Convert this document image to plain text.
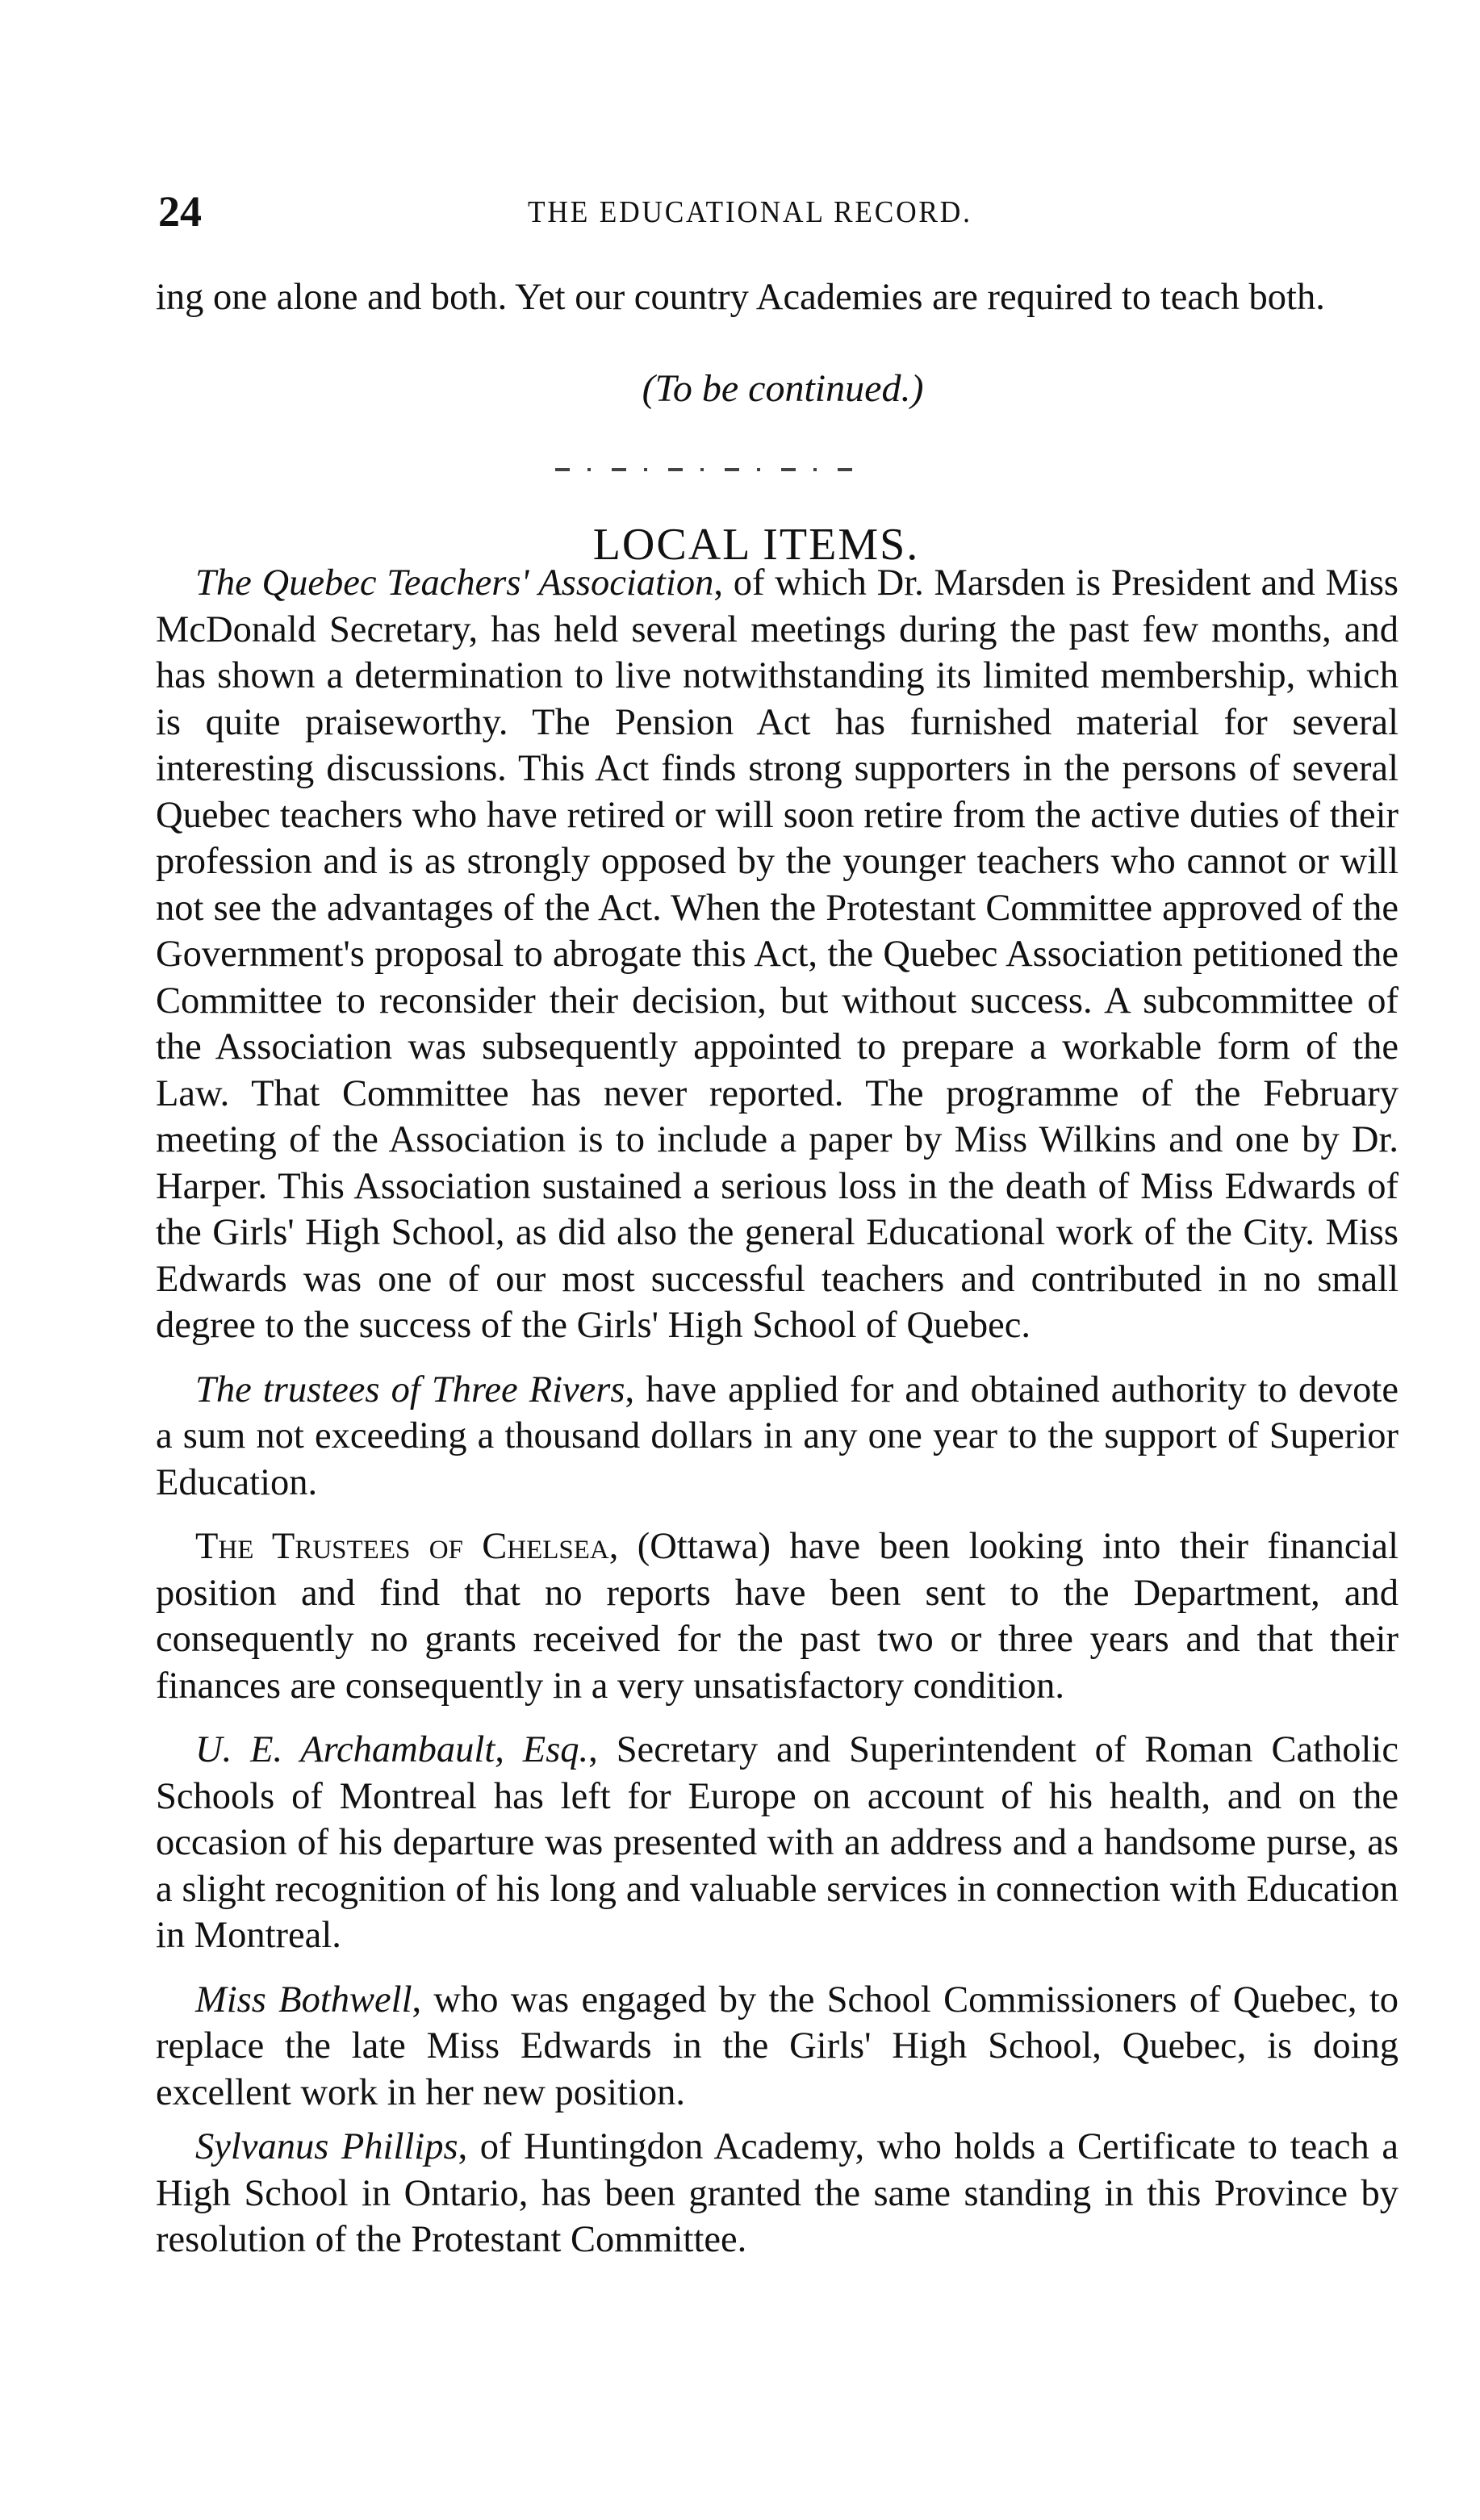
24	THE EDUCATIONAL RECORD.

ing one alone and both. Yet our country Academies are required to teach both.

(To be continued.)
LOCAL ITEMS.

The Quebec Teachers' Association, of which Dr. Marsden is President and Miss McDonald Secretary, has held several meetings during the past few months, and has shown a determination to live notwithstanding its limited membership, which is quite praiseworthy. The Pension Act has furnished material for several interesting discussions. This Act finds strong supporters in the persons of several Quebec teachers who have retired or will soon retire from the active duties of their profession and is as strongly opposed by the younger teachers who cannot or will not see the advantages of the Act. When the Protestant Committee approved of the Government's proposal to abrogate this Act, the Quebec Association petitioned the Committee to reconsider their decision, but without success. A subcommittee of the Association was subsequently appointed to prepare a workable form of the Law. That Committee has never reported. The programme of the February meeting of the Association is to include a paper by Miss Wilkins and one by Dr. Harper. This Association sustained a serious loss in the death of Miss Edwards of the Girls' High School, as did also the general Educational work of the City. Miss Edwards was one of our most successful teachers and contributed in no small degree to the success of the Girls' High School of Quebec.

The trustees of Three Rivers, have applied for and obtained authority to devote a sum not exceeding a thousand dollars in any one year to the support of Superior Education.

The Trustees of Chelsea, (Ottawa) have been looking into their financial position and find that no reports have been sent to the Department, and consequently no grants received for the past two or three years and that their finances are consequently in a very unsatisfactory condition.

U. E. Archambault, Esq., Secretary and Superintendent of Roman Catholic Schools of Montreal has left for Europe on account of his health, and on the occasion of his departure was presented with an address and a handsome purse, as a slight recognition of his long and valuable services in connection with Education in Montreal.

Miss Bothwell, who was engaged by the School Commissioners of Quebec, to replace the late Miss Edwards in the Girls' High School, Quebec, is doing excellent work in her new position.

Sylvanus Phillips, of Huntingdon Academy, who holds a Certificate to teach a High School in Ontario, has been granted the same standing in this Province by resolution of the Protestant Committee.
